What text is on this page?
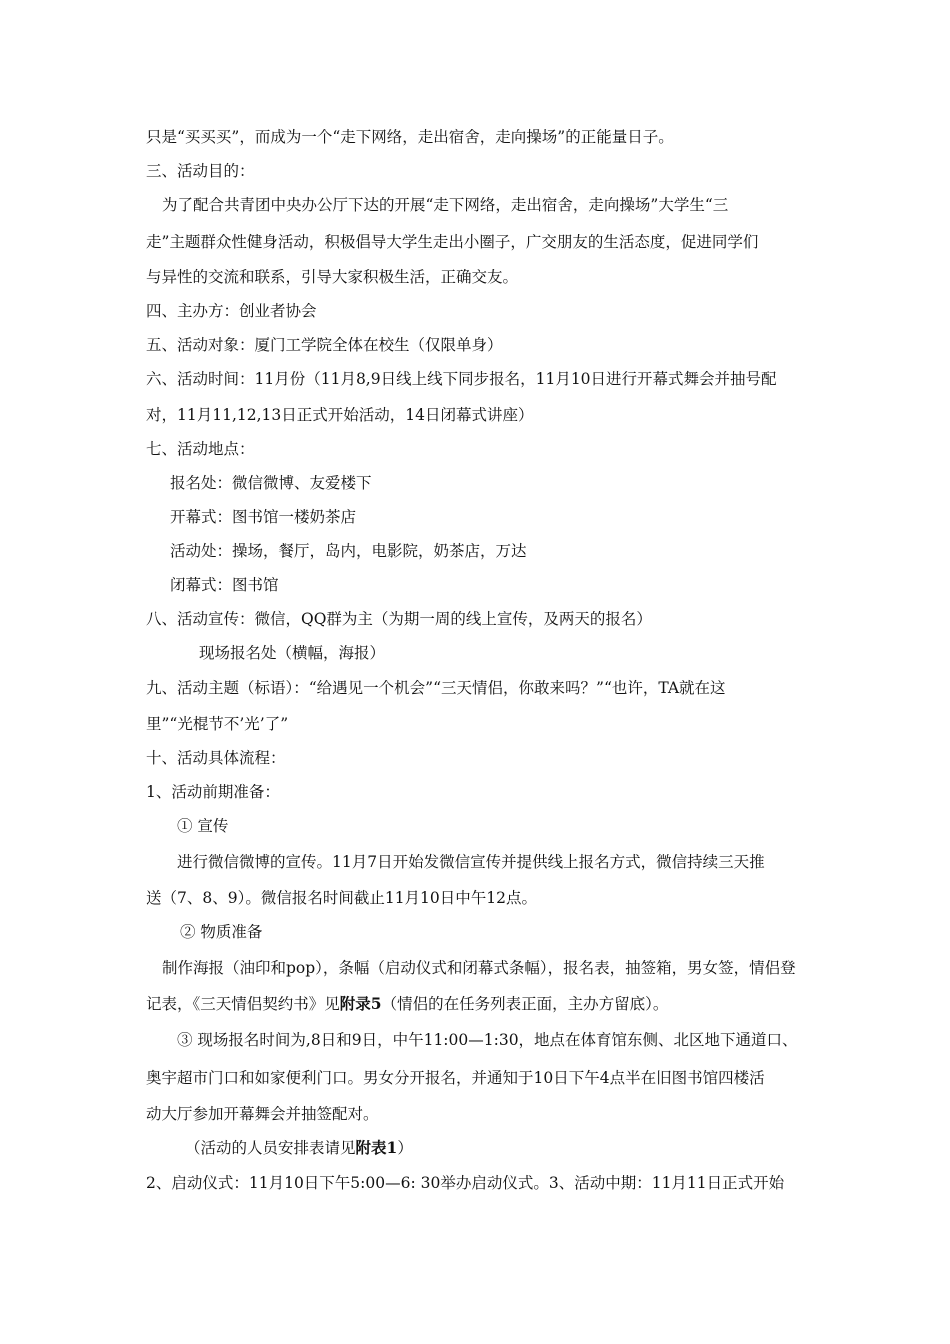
只是“买买买”，而成为一个“走下网络，走出宿舍，走向操场”的正能量日子。
三、活动目的：
为了配合共青团中央办公厅下达的开展“走下网络，走出宿舍，走向操场”大学生“三
走”主题群众性健身活动，积极倡导大学生走出小圈子，广交朋友的生活态度，促进同学们
与异性的交流和联系，引导大家积极生活，正确交友。
四、主办方：创业者协会
五、活动对象：厦门工学院全体在校生（仅限单身）
六、活动时间：11月份（11月8,9日线上线下同步报名，11月10日进行开幕式舞会并抽号配
对，11月11,12,13日正式开始活动，14日闭幕式讲座）
七、活动地点：
报名处：微信微博、友爱楼下
开幕式：图书馆一楼奶茶店
活动处：操场，餐厅，岛内，电影院，奶茶店，万达
闭幕式：图书馆
八、活动宣传：微信，QQ群为主（为期一周的线上宣传，及两天的报名）
现场报名处（横幅，海报）
九、活动主题（标语）：“给遇见一个机会”“三天情侣，你敢来吗？”“也许，TA就在这
里”“光棍节不’光’了”
十、活动具体流程：
1、活动前期准备：
① 宣传
进行微信微博的宣传。11月7日开始发微信宣传并提供线上报名方式，微信持续三天推
送（7、8、9）。微信报名时间截止11月10日中午12点。
② 物质准备
制作海报（油印和pop），条幅（启动仪式和闭幕式条幅），报名表，抽签箱，男女签，情侣登
记表，《三天情侣契约书》见附录5（情侣的在任务列表正面，主办方留底）。
③ 现场报名时间为,8日和9日，中午11:00—1:30，地点在体育馆东侧、北区地下通道口、
奥宇超市门口和如家便利门口。男女分开报名，并通知于10日下午4点半在旧图书馆四楼活
动大厅参加开幕舞会并抽签配对。
（活动的人员安排表请见附表1）
2、启动仪式：11月10日下午5:00—6: 30举办启动仪式。3、活动中期：11月11日正式开始
